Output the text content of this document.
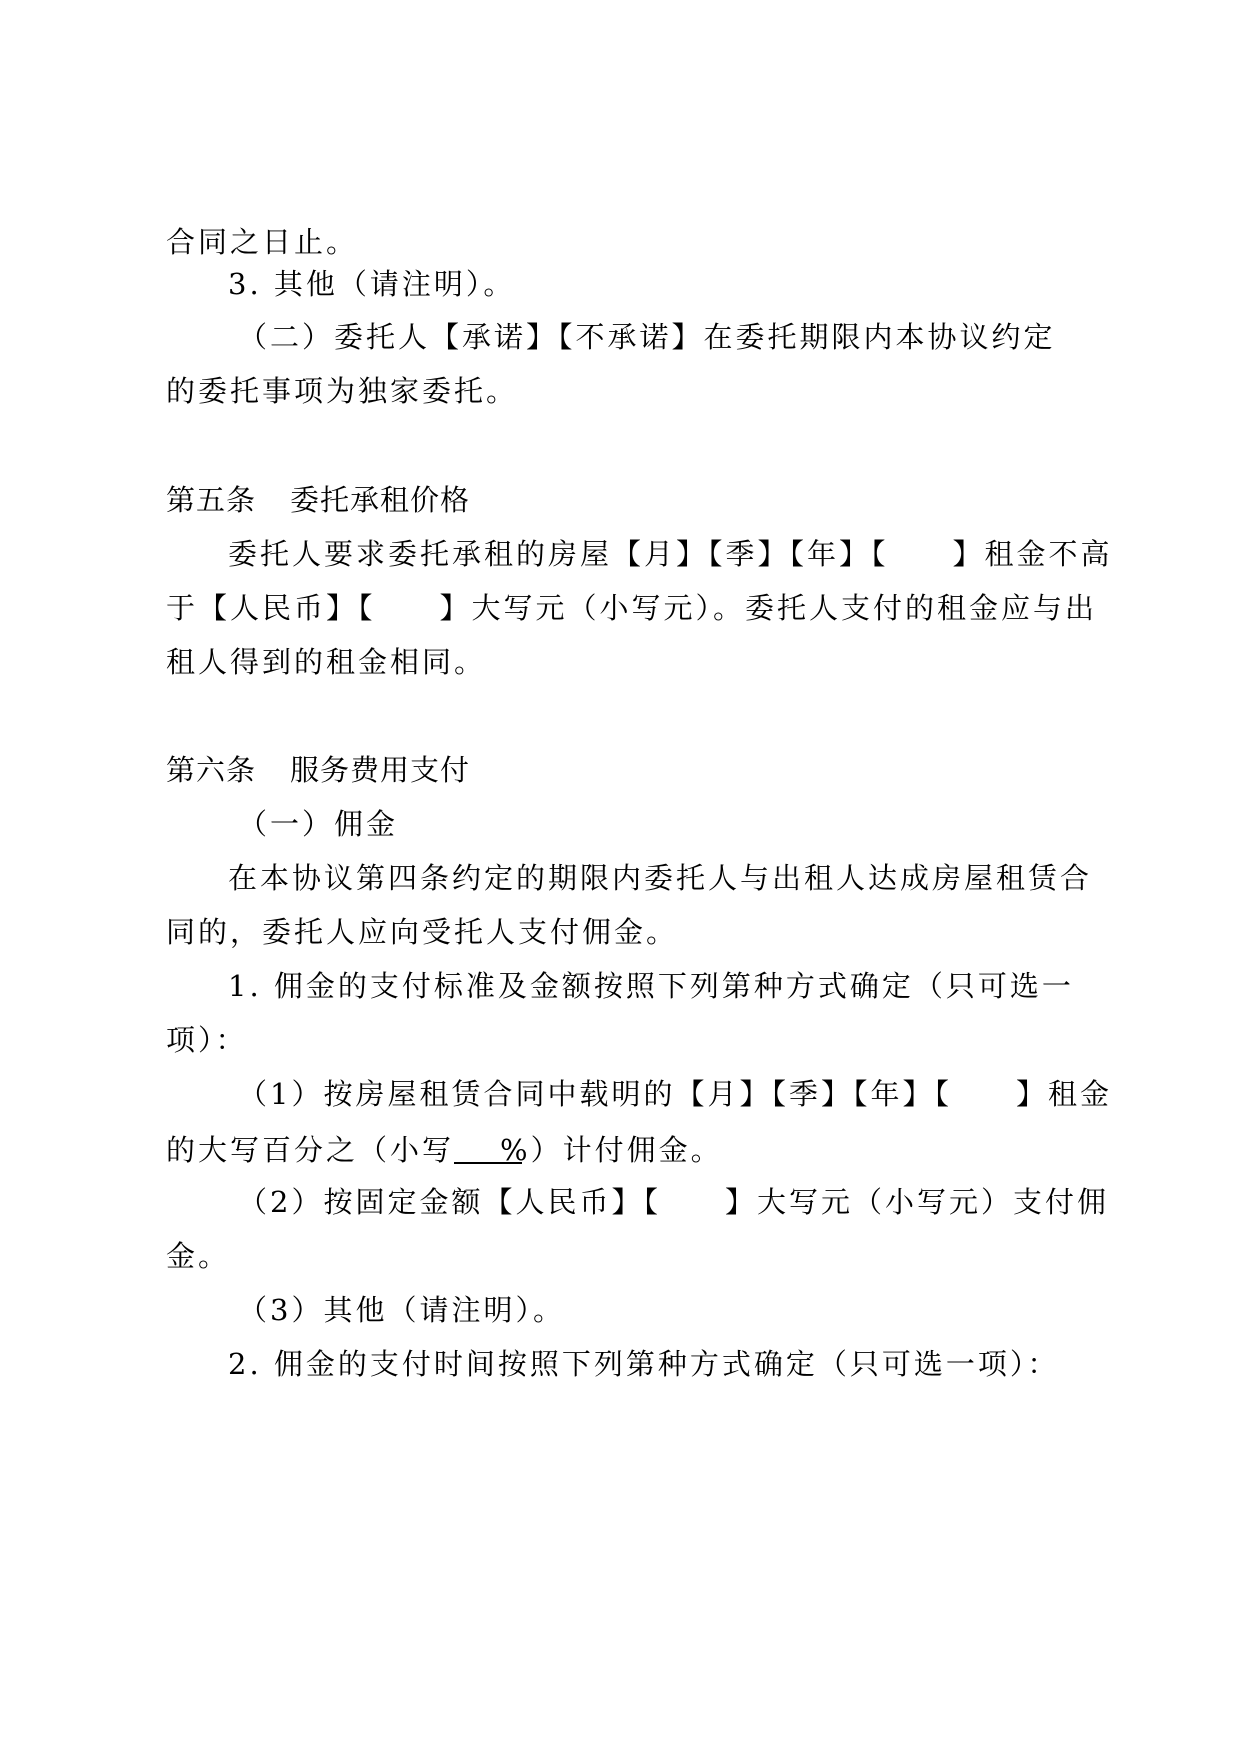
合同之日止。
3. 其他（请注明）。
（二）委托人【承诺】【不承诺】在委托期限内本协议约定
的委托事项为独家委托。
第五条 委托承租价格
委托人要求委托承租的房屋【月】【季】【年】【　　】租金不高
于【人民币】【　　】大写元（小写元）。委托人支付的租金应与出
租人得到的租金相同。
第六条 服务费用支付
（一）佣金
在本协议第四条约定的期限内委托人与出租人达成房屋租赁合
同的，委托人应向受托人支付佣金。
1. 佣金的支付标准及金额按照下列第种方式确定（只可选一
项）：
（1）按房屋租赁合同中载明的【月】【季】【年】【　　】租金
的大写百分之（小写 %）计付佣金。
（2）按固定金额【人民币】【　　】大写元（小写元）支付佣
金。
（3）其他（请注明）。
2. 佣金的支付时间按照下列第种方式确定（只可选一项）：
